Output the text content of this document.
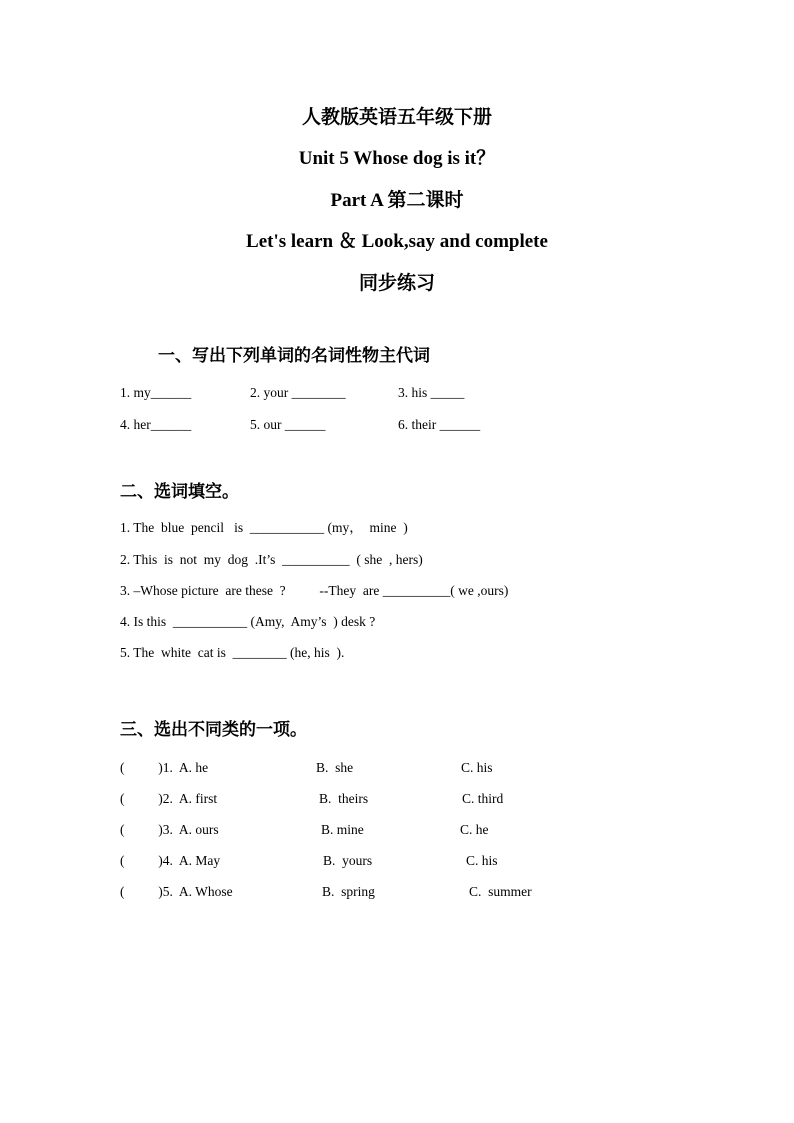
人教版英语五年级下册
Unit 5 Whose dog is it？
Part A 第二课时
Let's learn ＆ Look,say and complete
同步练习
一、写出下列单词的名词性物主代词
1. my______	2. your ________	3. his _____
4. her______	5. our ______	6. their ______
二、选词填空。
1. The  blue  pencil   is  ___________ (my，  mine  )
2. This  is  not  my  dog  .It’s  __________  ( she  , hers)
3. –Whose picture  are these  ?          --They  are __________( we ,ours)
4. Is this  ___________ (Amy,  Amy’s  ) desk ?
5. The  white  cat is  ________ (he, his  ).
三、选出不同类的一项。
(          )1.  A. he	B.  she	C. his
(          )2.  A. first	B.  theirs	C. third
(          )3.  A. ours	B. mine	C. he
(          )4.  A. May	B.  yours	C. his
(          )5.  A. Whose	B.  spring	C.  summer
